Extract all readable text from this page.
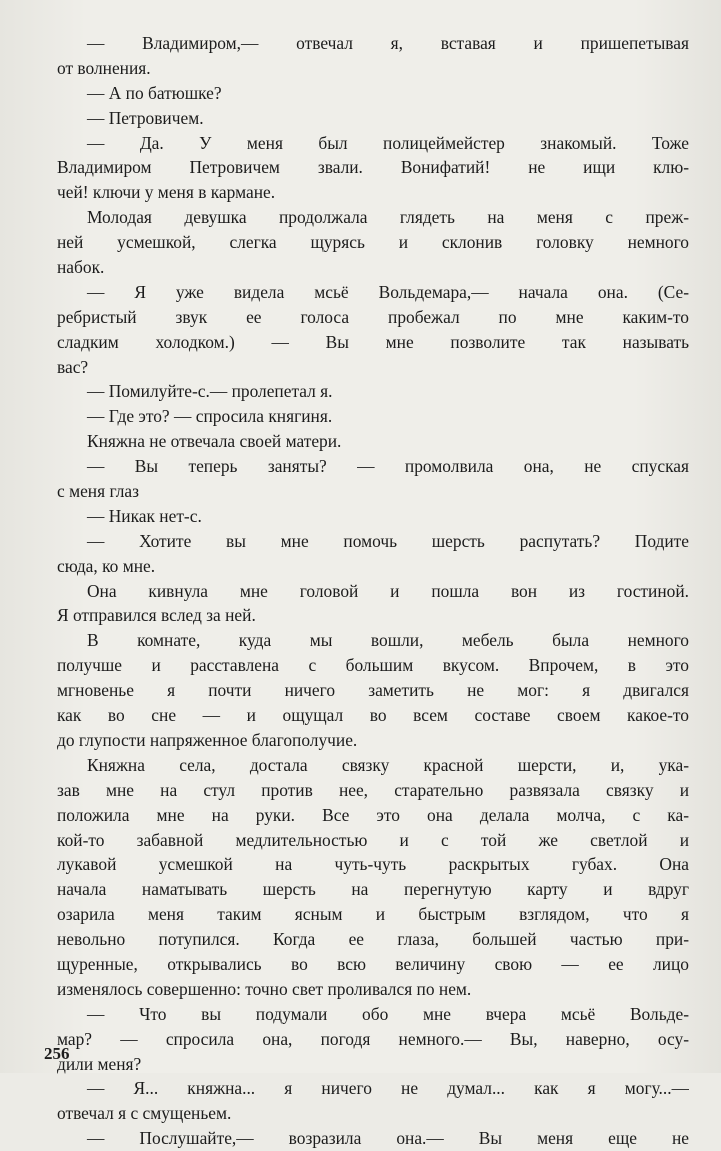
— Владимиром,— отвечал я, вставая и пришепетывая
от волнения.
— А по батюшке?
— Петровичем.
— Да. У меня был полицеймейстер знакомый. Тоже
Владимиром Петровичем звали. Вонифатий! не ищи клю-
чей! ключи у меня в кармане.
Молодая девушка продолжала глядеть на меня с преж-
ней усмешкой, слегка щурясь и склонив головку немного
набок.
— Я уже видела мсьё Вольдемара,— начала она. (Се-
ребристый звук ее голоса пробежал по мне каким-то
сладким холодком.) — Вы мне позволите так называть
вас?
— Помилуйте-с.— пролепетал я.
— Где это? — спросила княгиня.
Княжна не отвечала своей матери.
— Вы теперь заняты? — промолвила она, не спуская
с меня глаз
— Никак нет-с.
— Хотите вы мне помочь шерсть распутать? Подите
сюда, ко мне.
Она кивнула мне головой и пошла вон из гостиной.
Я отправился вслед за ней.
В комнате, куда мы вошли, мебель была немного
получше и расставлена с большим вкусом. Впрочем, в это
мгновенье я почти ничего заметить не мог: я двигался
как во сне — и ощущал во всем составе своем какое-то
до глупости напряженное благополучие.
Княжна села, достала связку красной шерсти, и, ука-
зав мне на стул против нее, старательно развязала связку и
положила мне на руки. Все это она делала молча, с ка-
кой-то забавной медлительностью и с той же светлой и
лукавой усмешкой на чуть-чуть раскрытых губах. Она
начала наматывать шерсть на перегнутую карту и вдруг
озарила меня таким ясным и быстрым взглядом, что я
невольно потупился. Когда ее глаза, большей частью при-
щуренные, открывались во всю величину свою — ее лицо
изменялось совершенно: точно свет проливался по нем.
— Что вы подумали обо мне вчера мсьё Вольде-
мар? — спросила она, погодя немного.— Вы, наверно, осу-
дили меня?
— Я... княжна... я ничего не думал... как я могу...—
отвечал я с смущеньем.
— Послушайте,— возразила она.— Вы меня еще не
256
